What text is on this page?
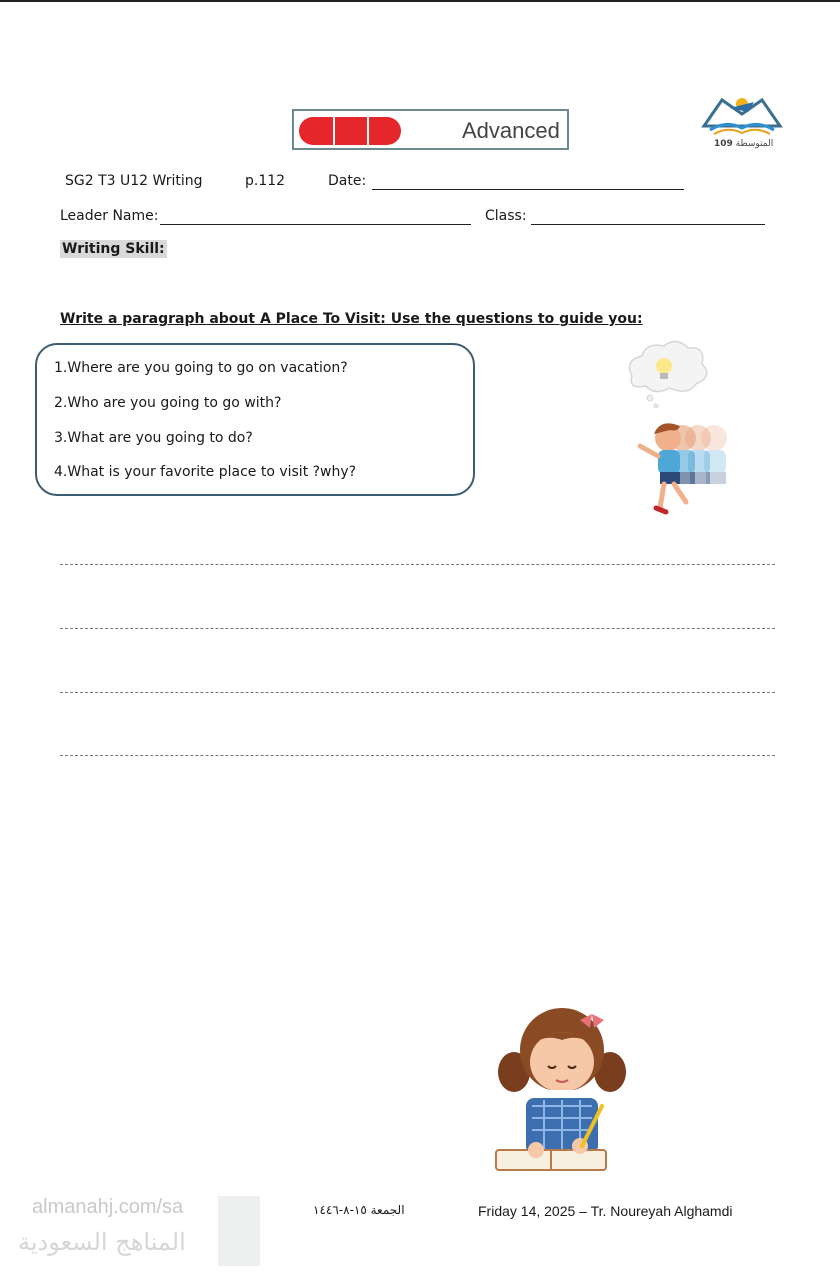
Advanced
109 المتوسطة
SG2 T3 U12 Writing	p.112	Date:
Leader Name:	Class:
Writing Skill:
Write a paragraph about A Place To Visit: Use the questions to guide you:
1.Where are you going to go on vacation?
2.Who are you going to go with?
3.What are you going to do?
4.What is your favorite place to visit ?why?
الجمعة ١٥-٨-١٤٤٦	Friday 14, 2025 – Tr. Noureyah Alghamdi
almanahj.com/sa
المناهج السعودية
